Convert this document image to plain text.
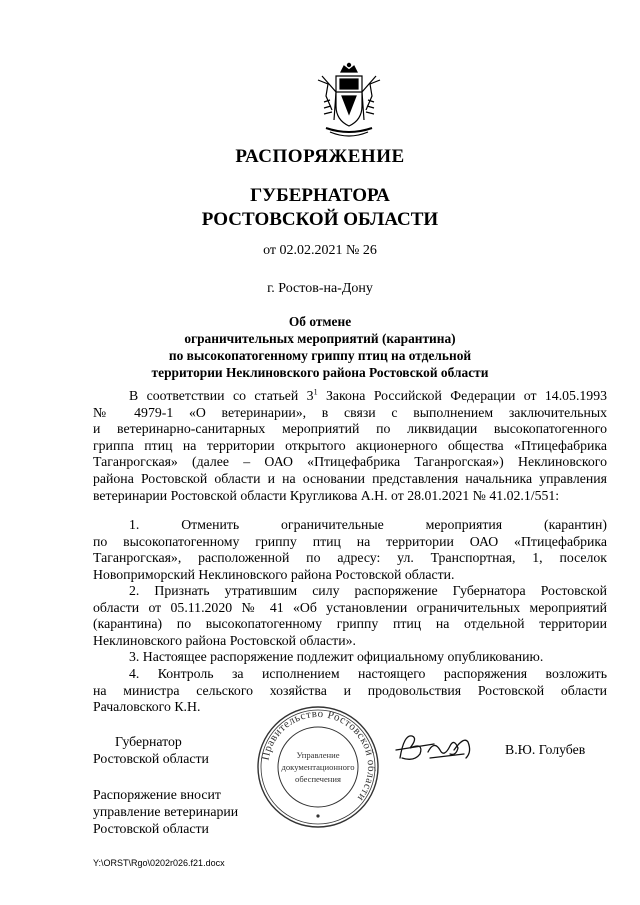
РАСПОРЯЖЕНИЕ
ГУБЕРНАТОРА
РОСТОВСКОЙ ОБЛАСТИ
от 02.02.2021 № 26
г. Ростов-на-Дону
Об отмене
ограничительных мероприятий (карантина)
по высокопатогенному гриппу птиц на отдельной
территории Неклиновского района Ростовской области
В соответствии со статьей $3^1$ Закона Российской Федерации от 14.05.1993
№ 4979-1 «О ветеринарии», в связи с выполнением заключительных
и ветеринарно-санитарных мероприятий по ликвидации высокопатогенного
гриппа птиц на территории открытого акционерного общества «Птицефабрика
Таганрогская» (далее – ОАО «Птицефабрика Таганрогская») Неклиновского
района Ростовской области и на основании представления начальника управления
ветеринарии Ростовской области Кругликова А.Н. от 28.01.2021 № 41.02.1/551:
1. Отменить ограничительные мероприятия (карантин)
по высокопатогенному гриппу птиц на территории ОАО «Птицефабрика
Таганрогская», расположенной по адресу: ул. Транспортная, 1, поселок
Новоприморский Неклиновского района Ростовской области.
2. Признать утратившим силу распоряжение Губернатора Ростовской
области от 05.11.2020 № 41 «Об установлении ограничительных мероприятий
(карантина) по высокопатогенному гриппу птиц на отдельной территории
Неклиновского района Ростовской области».
3. Настоящее распоряжение подлежит официальному опубликованию.
4. Контроль за исполнением настоящего распоряжения возложить
на министра сельского хозяйства и продовольствия Ростовской области
Рачаловского К.Н.
Губернатор
Ростовской области	Правительство Ростовской области
Управление
документационного
обеспечения
В.Ю. Голубев
Распоряжение вносит
управление ветеринарии
Ростовской области
Y:\ORST\Rgo\0202r026.f21.docx
